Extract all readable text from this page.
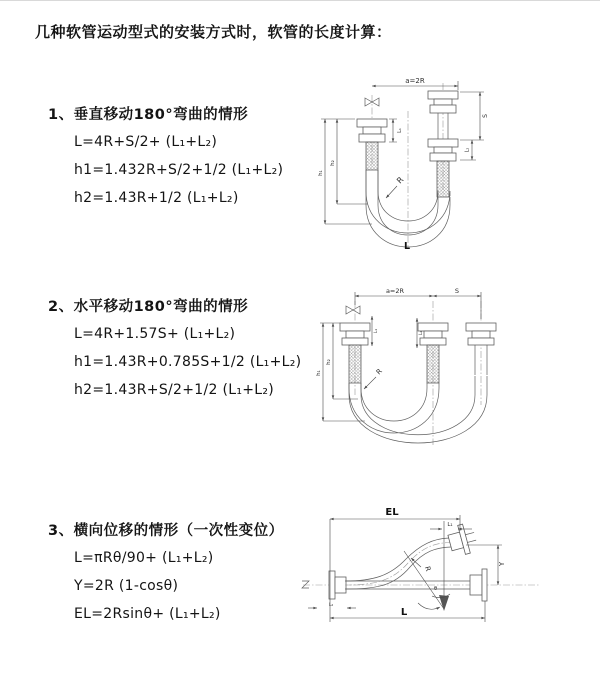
几种软管运动型式的安装方式时，软管的长度计算：
1、垂直移动180°弯曲的情形
L=4R+S/2+ (L₁+L₂)
h1=1.432R+S/2+1/2 (L₁+L₂)
h2=1.43R+1/2 (L₁+L₂)
2、水平移动180°弯曲的情形
L=4R+1.57S+ (L₁+L₂)
h1=1.43R+0.785S+1/2 (L₁+L₂)
h2=1.43R+S/2+1/2 (L₁+L₂)
3、横向位移的情形（一次性变位）
L=πRθ/90+ (L₁+L₂)
Y=2R (1-cosθ)
EL=2Rsinθ+ (L₁+L₂)
a=2R
L₁
S
L₂
R
L
h₁
h₂
a=2R	S
L₁	L₂
h₁
h₂
R
EL
L₁
θ
R
Y
L₂
L
